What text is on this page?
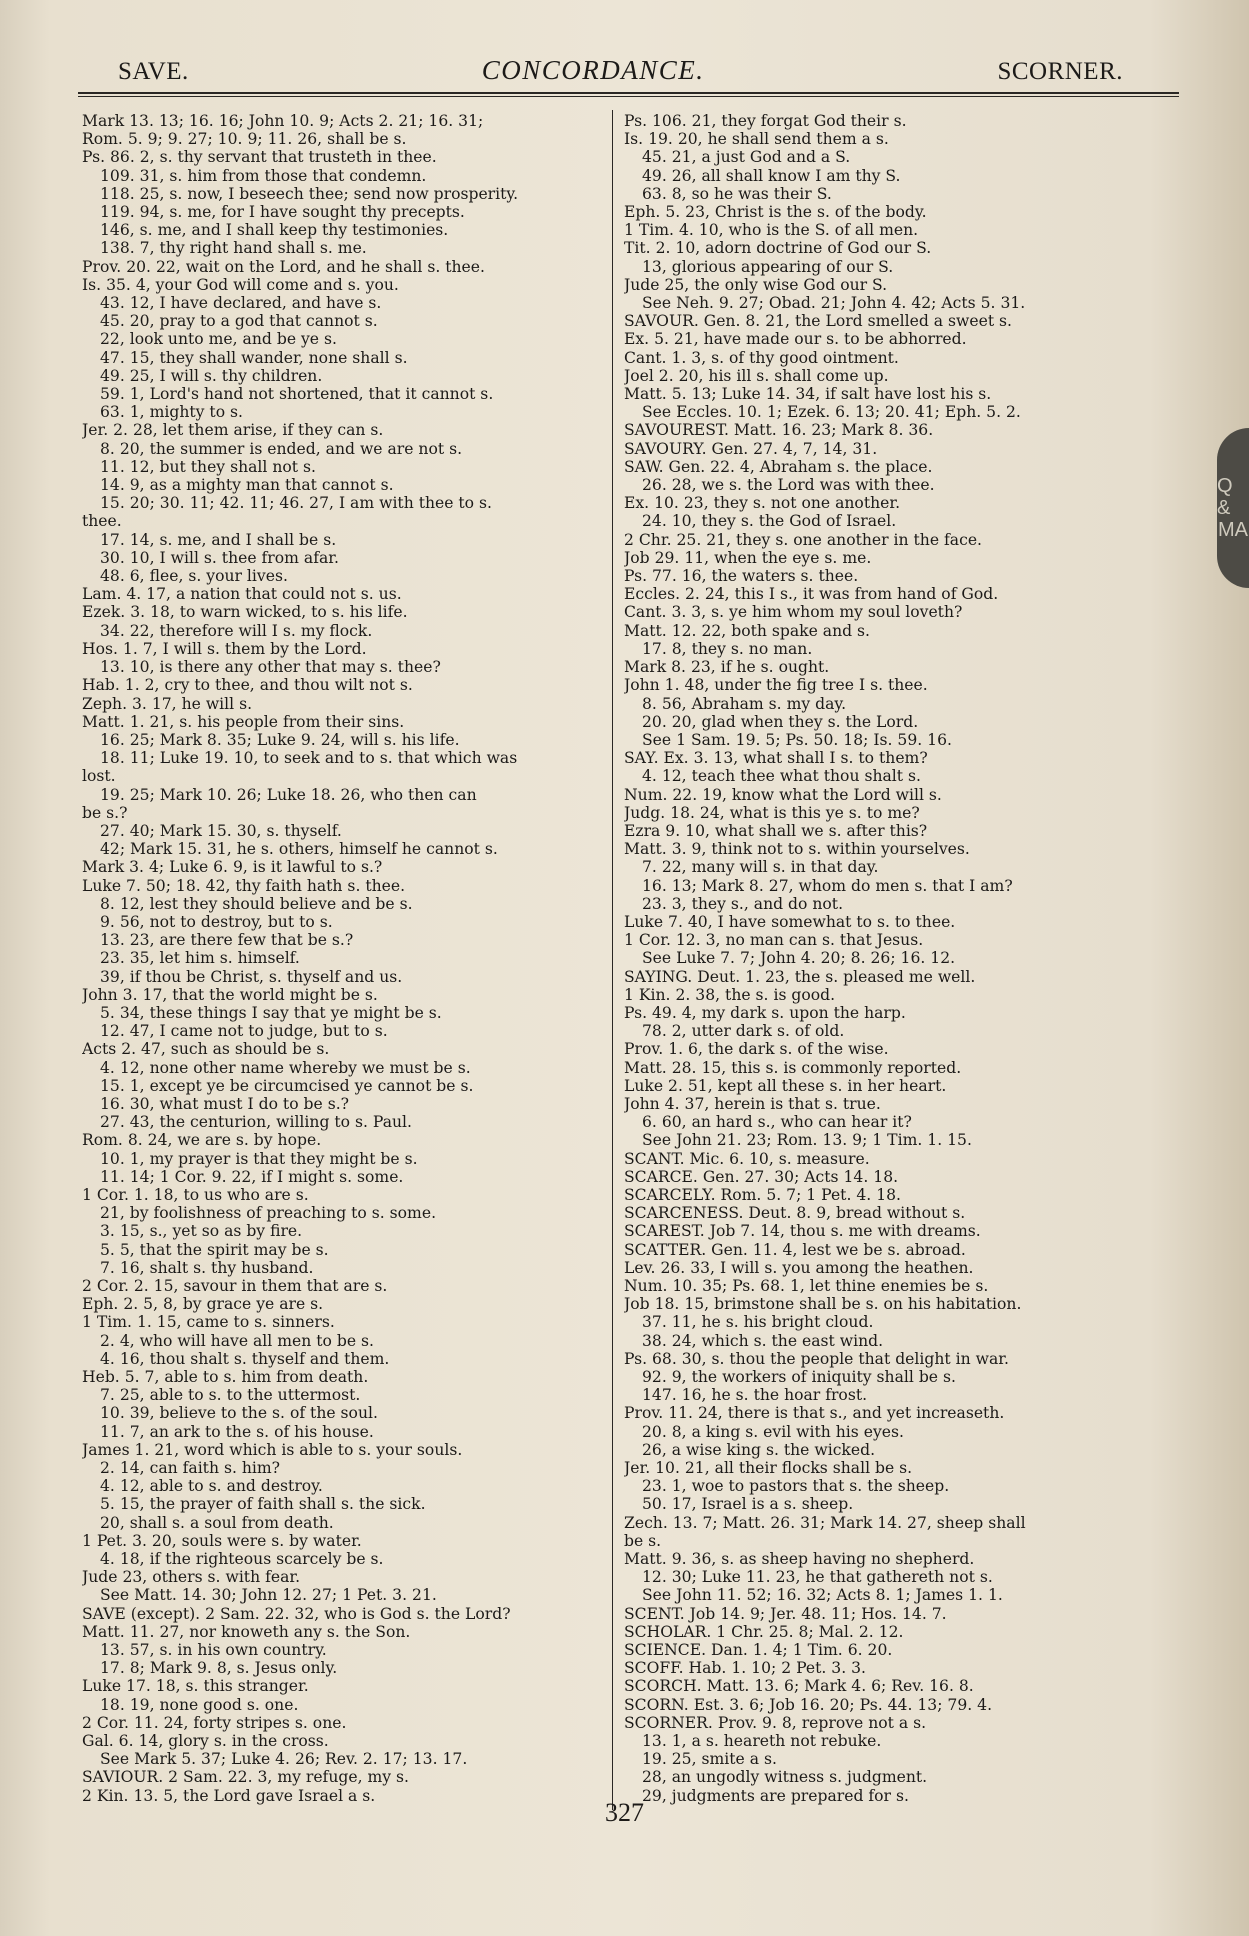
SAVE.	CONCORDANCE.	SCORNER.
Q &
MA
Mark 13. 13; 16. 16; John 10. 9; Acts 2. 21; 16. 31;
Rom. 5. 9; 9. 27; 10. 9; 11. 26, shall be s.
Ps. 86. 2, s. thy servant that trusteth in thee.
109. 31, s. him from those that condemn.
118. 25, s. now, I beseech thee; send now prosperity.
119. 94, s. me, for I have sought thy precepts.
146, s. me, and I shall keep thy testimonies.
138. 7, thy right hand shall s. me.
Prov. 20. 22, wait on the Lord, and he shall s. thee.
Is. 35. 4, your God will come and s. you.
43. 12, I have declared, and have s.
45. 20, pray to a god that cannot s.
22, look unto me, and be ye s.
47. 15, they shall wander, none shall s.
49. 25, I will s. thy children.
59. 1, Lord's hand not shortened, that it cannot s.
63. 1, mighty to s.
Jer. 2. 28, let them arise, if they can s.
8. 20, the summer is ended, and we are not s.
11. 12, but they shall not s.
14. 9, as a mighty man that cannot s.
15. 20; 30. 11; 42. 11; 46. 27, I am with thee to s.
thee.
17. 14, s. me, and I shall be s.
30. 10, I will s. thee from afar.
48. 6, flee, s. your lives.
Lam. 4. 17, a nation that could not s. us.
Ezek. 3. 18, to warn wicked, to s. his life.
34. 22, therefore will I s. my flock.
Hos. 1. 7, I will s. them by the Lord.
13. 10, is there any other that may s. thee?
Hab. 1. 2, cry to thee, and thou wilt not s.
Zeph. 3. 17, he will s.
Matt. 1. 21, s. his people from their sins.
16. 25; Mark 8. 35; Luke 9. 24, will s. his life.
18. 11; Luke 19. 10, to seek and to s. that which was
lost.
19. 25; Mark 10. 26; Luke 18. 26, who then can
be s.?
27. 40; Mark 15. 30, s. thyself.
42; Mark 15. 31, he s. others, himself he cannot s.
Mark 3. 4; Luke 6. 9, is it lawful to s.?
Luke 7. 50; 18. 42, thy faith hath s. thee.
8. 12, lest they should believe and be s.
9. 56, not to destroy, but to s.
13. 23, are there few that be s.?
23. 35, let him s. himself.
39, if thou be Christ, s. thyself and us.
John 3. 17, that the world might be s.
5. 34, these things I say that ye might be s.
12. 47, I came not to judge, but to s.
Acts 2. 47, such as should be s.
4. 12, none other name whereby we must be s.
15. 1, except ye be circumcised ye cannot be s.
16. 30, what must I do to be s.?
27. 43, the centurion, willing to s. Paul.
Rom. 8. 24, we are s. by hope.
10. 1, my prayer is that they might be s.
11. 14; 1 Cor. 9. 22, if I might s. some.
1 Cor. 1. 18, to us who are s.
21, by foolishness of preaching to s. some.
3. 15, s., yet so as by fire.
5. 5, that the spirit may be s.
7. 16, shalt s. thy husband.
2 Cor. 2. 15, savour in them that are s.
Eph. 2. 5, 8, by grace ye are s.
1 Tim. 1. 15, came to s. sinners.
2. 4, who will have all men to be s.
4. 16, thou shalt s. thyself and them.
Heb. 5. 7, able to s. him from death.
7. 25, able to s. to the uttermost.
10. 39, believe to the s. of the soul.
11. 7, an ark to the s. of his house.
James 1. 21, word which is able to s. your souls.
2. 14, can faith s. him?
4. 12, able to s. and destroy.
5. 15, the prayer of faith shall s. the sick.
20, shall s. a soul from death.
1 Pet. 3. 20, souls were s. by water.
4. 18, if the righteous scarcely be s.
Jude 23, others s. with fear.
See Matt. 14. 30; John 12. 27; 1 Pet. 3. 21.
SAVE (except). 2 Sam. 22. 32, who is God s. the Lord?
Matt. 11. 27, nor knoweth any s. the Son.
13. 57, s. in his own country.
17. 8; Mark 9. 8, s. Jesus only.
Luke 17. 18, s. this stranger.
18. 19, none good s. one.
2 Cor. 11. 24, forty stripes s. one.
Gal. 6. 14, glory s. in the cross.
See Mark 5. 37; Luke 4. 26; Rev. 2. 17; 13. 17.
SAVIOUR. 2 Sam. 22. 3, my refuge, my s.
2 Kin. 13. 5, the Lord gave Israel a s.
Ps. 106. 21, they forgat God their s.
Is. 19. 20, he shall send them a s.
45. 21, a just God and a S.
49. 26, all shall know I am thy S.
63. 8, so he was their S.
Eph. 5. 23, Christ is the s. of the body.
1 Tim. 4. 10, who is the S. of all men.
Tit. 2. 10, adorn doctrine of God our S.
13, glorious appearing of our S.
Jude 25, the only wise God our S.
See Neh. 9. 27; Obad. 21; John 4. 42; Acts 5. 31.
SAVOUR. Gen. 8. 21, the Lord smelled a sweet s.
Ex. 5. 21, have made our s. to be abhorred.
Cant. 1. 3, s. of thy good ointment.
Joel 2. 20, his ill s. shall come up.
Matt. 5. 13; Luke 14. 34, if salt have lost his s.
See Eccles. 10. 1; Ezek. 6. 13; 20. 41; Eph. 5. 2.
SAVOUREST. Matt. 16. 23; Mark 8. 36.
SAVOURY. Gen. 27. 4, 7, 14, 31.
SAW. Gen. 22. 4, Abraham s. the place.
26. 28, we s. the Lord was with thee.
Ex. 10. 23, they s. not one another.
24. 10, they s. the God of Israel.
2 Chr. 25. 21, they s. one another in the face.
Job 29. 11, when the eye s. me.
Ps. 77. 16, the waters s. thee.
Eccles. 2. 24, this I s., it was from hand of God.
Cant. 3. 3, s. ye him whom my soul loveth?
Matt. 12. 22, both spake and s.
17. 8, they s. no man.
Mark 8. 23, if he s. ought.
John 1. 48, under the fig tree I s. thee.
8. 56, Abraham s. my day.
20. 20, glad when they s. the Lord.
See 1 Sam. 19. 5; Ps. 50. 18; Is. 59. 16.
SAY. Ex. 3. 13, what shall I s. to them?
4. 12, teach thee what thou shalt s.
Num. 22. 19, know what the Lord will s.
Judg. 18. 24, what is this ye s. to me?
Ezra 9. 10, what shall we s. after this?
Matt. 3. 9, think not to s. within yourselves.
7. 22, many will s. in that day.
16. 13; Mark 8. 27, whom do men s. that I am?
23. 3, they s., and do not.
Luke 7. 40, I have somewhat to s. to thee.
1 Cor. 12. 3, no man can s. that Jesus.
See Luke 7. 7; John 4. 20; 8. 26; 16. 12.
SAYING. Deut. 1. 23, the s. pleased me well.
1 Kin. 2. 38, the s. is good.
Ps. 49. 4, my dark s. upon the harp.
78. 2, utter dark s. of old.
Prov. 1. 6, the dark s. of the wise.
Matt. 28. 15, this s. is commonly reported.
Luke 2. 51, kept all these s. in her heart.
John 4. 37, herein is that s. true.
6. 60, an hard s., who can hear it?
See John 21. 23; Rom. 13. 9; 1 Tim. 1. 15.
SCANT. Mic. 6. 10, s. measure.
SCARCE. Gen. 27. 30; Acts 14. 18.
SCARCELY. Rom. 5. 7; 1 Pet. 4. 18.
SCARCENESS. Deut. 8. 9, bread without s.
SCAREST. Job 7. 14, thou s. me with dreams.
SCATTER. Gen. 11. 4, lest we be s. abroad.
Lev. 26. 33, I will s. you among the heathen.
Num. 10. 35; Ps. 68. 1, let thine enemies be s.
Job 18. 15, brimstone shall be s. on his habitation.
37. 11, he s. his bright cloud.
38. 24, which s. the east wind.
Ps. 68. 30, s. thou the people that delight in war.
92. 9, the workers of iniquity shall be s.
147. 16, he s. the hoar frost.
Prov. 11. 24, there is that s., and yet increaseth.
20. 8, a king s. evil with his eyes.
26, a wise king s. the wicked.
Jer. 10. 21, all their flocks shall be s.
23. 1, woe to pastors that s. the sheep.
50. 17, Israel is a s. sheep.
Zech. 13. 7; Matt. 26. 31; Mark 14. 27, sheep shall
be s.
Matt. 9. 36, s. as sheep having no shepherd.
12. 30; Luke 11. 23, he that gathereth not s.
See John 11. 52; 16. 32; Acts 8. 1; James 1. 1.
SCENT. Job 14. 9; Jer. 48. 11; Hos. 14. 7.
SCHOLAR. 1 Chr. 25. 8; Mal. 2. 12.
SCIENCE. Dan. 1. 4; 1 Tim. 6. 20.
SCOFF. Hab. 1. 10; 2 Pet. 3. 3.
SCORCH. Matt. 13. 6; Mark 4. 6; Rev. 16. 8.
SCORN. Est. 3. 6; Job 16. 20; Ps. 44. 13; 79. 4.
SCORNER. Prov. 9. 8, reprove not a s.
13. 1, a s. heareth not rebuke.
19. 25, smite a s.
28, an ungodly witness s. judgment.
29, judgments are prepared for s.
327
